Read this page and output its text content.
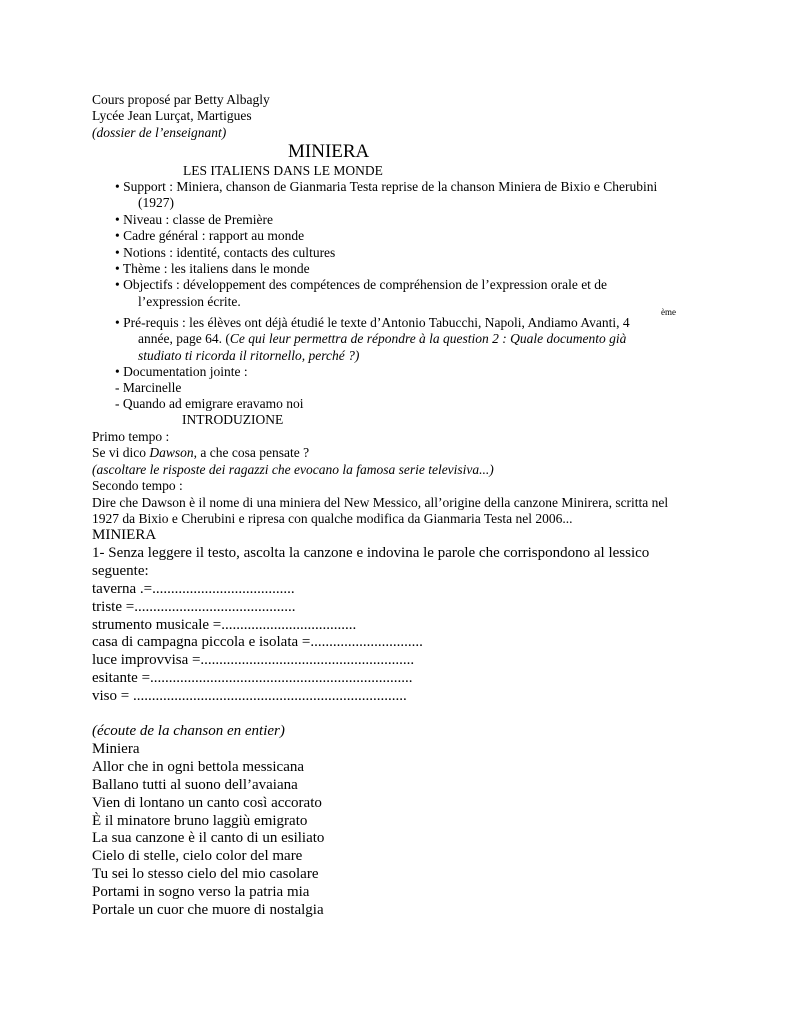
Cours proposé par Betty Albagly
Lycée Jean Lurçat, Martigues
(dossier de l’enseignant)
MINIERA
LES ITALIENS DANS LE MONDE
• Support : Miniera, chanson de Gianmaria Testa reprise de la chanson Miniera de Bixio e Cherubini
(1927)
• Niveau : classe de Première
• Cadre général : rapport au monde
• Notions : identité, contacts des cultures
• Thème : les italiens dans le monde
• Objectifs : développement des compétences de compréhension de l’expression orale et de
l’expression écrite.
ème
• Pré-requis : les élèves ont déjà étudié le texte d’Antonio Tabucchi, Napoli, Andiamo Avanti, 4
année, page 64. (Ce qui leur permettra de répondre à la question 2 : Quale documento già
studiato ti ricorda il ritornello, perché ?)
• Documentation jointe :
- Marcinelle
- Quando ad emigrare eravamo noi
INTRODUZIONE
Primo tempo :
Se vi dico Dawson, a che cosa pensate ?
(ascoltare le risposte dei ragazzi che evocano la famosa serie televisiva...)
Secondo tempo :
Dire che Dawson è il nome di una miniera del New Messico, all’origine della canzone Minirera, scritta nel
1927 da Bixio e Cherubini e ripresa con qualche modifica da Gianmaria Testa nel 2006...
MINIERA
1- Senza leggere il testo, ascolta la canzone e indovina le parole che corrispondono al lessico
seguente:
taverna .=......................................
triste =...........................................
strumento musicale =....................................
casa di campagna piccola e isolata =..............................
luce improvvisa =.........................................................
esitante =......................................................................
viso = .........................................................................
(écoute de la chanson en entier)
Miniera
Allor che in ogni bettola messicana
Ballano tutti al suono dell’avaiana
Vien di lontano un canto così accorato
È il minatore bruno laggiù emigrato
La sua canzone è il canto di un esiliato
Cielo di stelle, cielo color del mare
Tu sei lo stesso cielo del mio casolare
Portami in sogno verso la patria mia
Portale un cuor che muore di nostalgia
